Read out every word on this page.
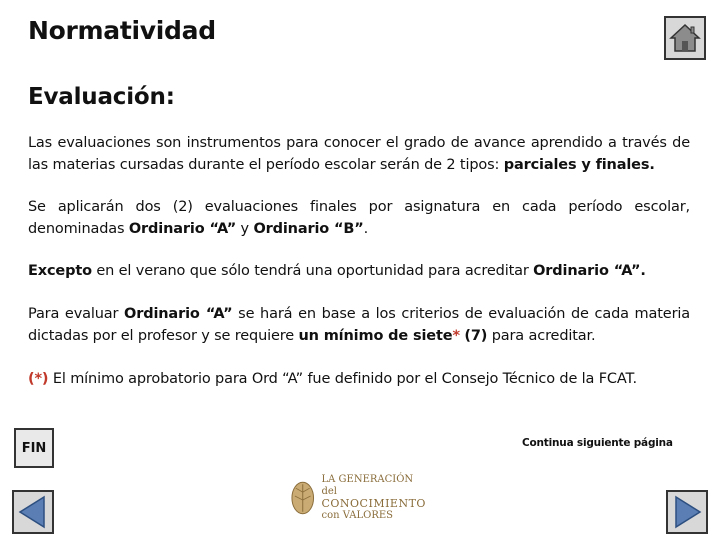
Normatividad
Evaluación:
Las evaluaciones son instrumentos para conocer el grado de avance aprendido a través de las materias cursadas durante el período escolar serán de 2 tipos: parciales y finales.
Se aplicarán dos (2) evaluaciones finales por asignatura en cada período escolar, denominadas Ordinario “A” y Ordinario “B”.
Excepto en el verano que sólo tendrá una oportunidad para acreditar Ordinario “A”.
Para evaluar Ordinario “A” se hará en base a los criterios de evaluación de cada materia dictadas por el profesor y se requiere un mínimo de siete* (7) para acreditar.
(*) El mínimo aprobatorio para Ord “A” fue definido por el Consejo Técnico de la FCAT.
FIN	Continua siguiente página
LA GENERACIÓN del
CONOCIMIENTO
con VALORES
